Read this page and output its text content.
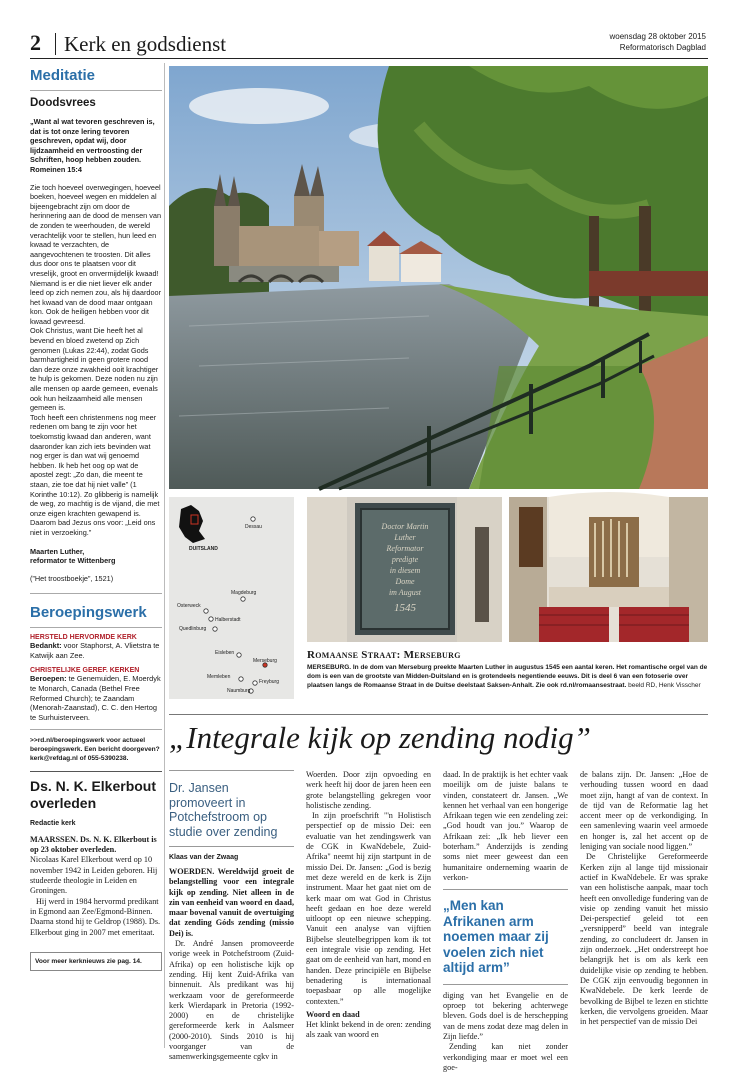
2 Kerk en godsdienst	woensdag 28 oktober 2015
Reformatorisch Dagblad
Meditatie
Doodsvrees
„Want al wat tevoren geschreven is, dat is tot onze lering tevoren geschreven, opdat wij, door lijdzaamheid en vertroosting der Schriften, hoop hebben zouden. Romeinen 15:4

Zie toch hoeveel overwegingen, hoeveel boeken, hoeveel wegen en middelen al bijeengebracht zijn om door de herinnering aan de dood de mensen van de zonden te weerhouden, de wereld verachtelijk voor te stellen, hun leed en kwaad te verzachten, de aangevochtenen te troosten. Dit alles dus door ons te plaatsen voor dit vreselijk, groot en onvermijdelijk kwaad!

Niemand is er die niet liever elk ander leed op zich nemen zou, als hij daardoor het kwaad van de dood maar ontgaan kon. Ook de heiligen hebben voor dit kwaad gevreesd.

Ook Christus, want Die heeft het al bevend en bloed zwetend op Zich genomen (Lukas 22:44), zodat Gods barmhartigheid in geen grotere nood dan deze onze zwakheid ooit krachtiger te hulp is gekomen. Deze noden nu zijn alle mensen op aarde gemeen, evenals ook hun heilzaamheid alle mensen gemeen is.

Toch heeft een christenmens nog meer redenen om bang te zijn voor het toekomstig kwaad dan anderen, want daaronder kan zich iets bevinden wat nog erger is dan wat wij genoemd hebben. Ik heb het oog op wat de apostel zegt: „Zo dan, die meent te staan, zie toe dat hij niet valle” (1 Korinthe 10:12). Zo glibberig is namelijk de weg, zo machtig is de vijand, die met onze eigen krachten gewapend is. Daarom bad Jezus ons voor: „Leid ons niet in verzoeking.”

Maarten Luther,
reformator te Wittenberg
(”Het troostboekje”, 1521)
Beroepingswerk
HERSTELD HERVORMDE KERK
Bedankt: voor Staphorst, A. Vlietstra te Katwijk aan Zee.
CHRISTELIJKE GEREF. KERKEN
Beroepen: te Genemuiden, E. Moerdyk te Monarch, Canada (Bethel Free Reformed Church); te Zaandam (Menorah-Zaanstad), C. C. den Hertog te Surhuisterveen.
>>rd.nl/beroepingswerk voor actueel beroepingswerk. Een bericht doorgeven? kerk@refdag.nl of 055-5390238.
Ds. N. K. Elkerbout overleden
Redactie kerk

MAARSSEN. Ds. N. K. Elkerbout is op 23 oktober overleden.

Nicolaas Karel Elkerbout werd op 10 november 1942 in Leiden geboren. Hij studeerde theologie in Leiden en Groningen.

Hij werd in 1984 hervormd predikant in Egmond aan Zee/Egmond-Binnen. Daarna stond hij te Geldrop (1988). Ds. Elkerbout ging in 2007 met emeritaat.

Voor meer kerknieuws zie pag. 14.
DUITSLAND
Dessau
Magdeburg
Osterweck
Halberstadt
Quedlinburg
Eisleben
Merseburg
Memleben
Freyburg
Naumburg
Doctor Martin
Luther
Reformator
predigte
in diesem
Dome
im August
1545
Romaanse Straat: Merseburg
MERSEBURG. In de dom van Merseburg preekte Maarten Luther in augustus 1545 een aantal keren. Het romantische orgel van de dom is een van de grootste van Midden-Duitsland en is grotendeels negentiende eeuws. Dit is deel 6 van een fotoserie over plaatsen langs de Romaanse Straat in de Duitse deelstaat Saksen-Anhalt. Zie ook rd.nl/romaansestraat. beeld RD, Henk Visscher
„Integrale kijk op zending nodig”
Dr. Jansen promoveert in Potchefstroom op studie over zending
Klaas van der Zwaag

WOERDEN. Wereldwijd groeit de belangstelling voor een integrale kijk op zending. Niet alleen in de zin van eenheid van woord en daad, maar bovenal vanuit de overtuiging dat zending Góds zending (missio Dei) is.

Dr. André Jansen promoveerde vorige week in Potchefstroom (Zuid-Afrika) op een holistische kijk op zending. Hij kent Zuid-Afrika van binnenuit. Als predikant was hij werkzaam voor de gereformeerde kerk Wierdapark in Pretoria (1992-2000) en de christelijke gereformeerde kerk in Aalsmeer (2000-2010). Sinds 2010 is hij voorganger van de samenwerkingsgemeente cgkv in

Woerden. Door zijn opvoeding en werk heeft hij door de jaren heen een grote belangstelling gekregen voor holistische zending.

In zijn proefschrift "'n Holistisch perspectief op de missio Dei: een evaluatie van het zendingswerk van de CGK in KwaNdebele, Zuid-Afrika" neemt hij zijn startpunt in de missio Dei. Dr. Jansen: „God is bezig met deze wereld en de kerk is Zijn instrument. Maar het gaat niet om de kerk maar om wat God in Christus heeft gedaan en hoe deze wereld uitloopt op een nieuwe schepping. Vanuit een analyse van vijftien Bijbelse sleutelbegrippen kom ik tot een integrale visie op zending. Het gaat om de eenheid van hart, mond en handen. Deze principiële en Bijbelse benadering is internationaal toepasbaar op alle mogelijke contexten.”

Woord en daad

Het klinkt bekend in de oren: zending als zaak van woord en

daad. In de praktijk is het echter vaak moeilijk om de juiste balans te vinden, constateert dr. Jansen. „We kennen het verhaal van een hongerige Afrikaan tegen wie een zendeling zei: „God houdt van jou.” Waarop de Afrikaan zei: „Ik heb liever een boterham.” Anderzijds is zending soms niet meer geweest dan een humanitaire onderneming waarin de verkon-

„Men kan Afrikanen arm noemen maar zij voelen zich niet altijd arm”

diging van het Evangelie en de oproep tot bekering achterwege bleven. Gods doel is de herschepping van de mens zodat deze mag delen in Zijn liefde.”

Zending kan niet zonder verkondiging maar er moet wel een goe-

de balans zijn. Dr. Jansen: „Hoe de verhouding tussen woord en daad moet zijn, hangt af van de context. In de tijd van de Reformatie lag het accent meer op de verkondiging. In een samenleving waarin veel armoede en honger is, zal het accent op de leniging van sociale nood liggen.”

De Christelijke Gereformeerde Kerken zijn al lange tijd missionair actief in KwaNdebele. Er was sprake van een holistische aanpak, maar toch heeft een onvolledige fundering van de visie op zending vanuit het missio Dei-perspectief geleid tot een „versnipperd” beeld van integrale zending, zo concludeert dr. Jansen in zijn onderzoek. „Het onderstreept hoe belangrijk het is om als kerk een duidelijke visie op zending te hebben. De CGK zijn eenvoudig begonnen in KwaNdebele. De kerk leerde de bevolking de Bijbel te lezen en stichtte kerken, die vervolgens groeiden. Maar in het perspectief van de missio Dei
